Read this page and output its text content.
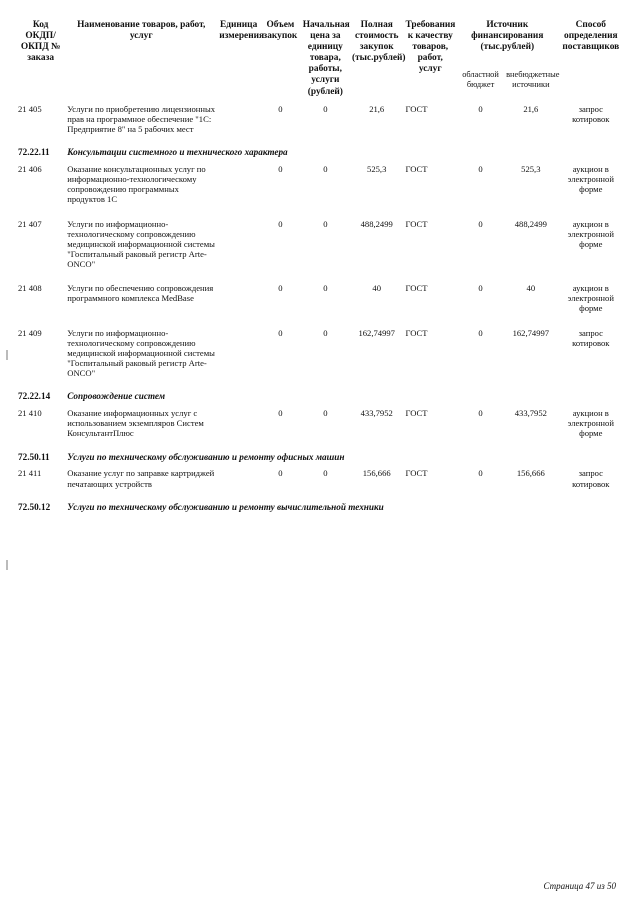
Код ОКДП/ ОКПД № заказа	Наименование товаров, работ, услуг	Единица измерения	Объем закупок	Начальная цена за единицу товара, работы, услуги (рублей)	Полная стоимость закупок (тыс.рублей)	Требования к качеству товаров, работ, услуг	Источник финансирования (тыс.рублей)		Способ определения поставщиков
							областной бюджет	внебюджетные источники	
21 405	Услуги по приобретению лицензионных прав на программное обеспечение "1С: Предприятие 8" на 5 рабочих мест		0	0	21,6	ГОСТ	0	21,6	запрос котировок
72.22.11	Консультации системного и технического характера								
21 406	Оказание консультационных услуг по информационно-технологическому сопровождению программных продуктов 1С		0	0	525,3	ГОСТ	0	525,3	аукцион в электронной форме
21 407	Услуги по информационно-технологическому сопровождению медицинской информационной системы "Госпитальный раковый регистр Arte-ONCO"		0	0	488,2499	ГОСТ	0	488,2499	аукцион в электронной форме
21 408	Услуги по обеспечению сопровождения программного комплекса MedBase		0	0	40	ГОСТ	0	40	аукцион в электронной форме
21 409	Услуги по информационно-технологическому сопровождению медицинской информационной системы "Госпитальный раковый регистр Arte-ONCO"		0	0	162,74997	ГОСТ	0	162,74997	запрос котировок
72.22.14	Сопровождение систем								
21 410	Оказание информационных услуг с использованием экземпляров Систем КонсультантПлюс		0	0	433,7952	ГОСТ	0	433,7952	аукцион в электронной форме
72.50.11	Услуги по техническому обслуживанию и ремонту офисных машин								
21 411	Оказание услуг по заправке картриджей печатающих устройств		0	0	156,666	ГОСТ	0	156,666	запрос котировок
72.50.12	Услуги по техническому обслуживанию и ремонту вычислительной техники								
Страница 47 из 50
